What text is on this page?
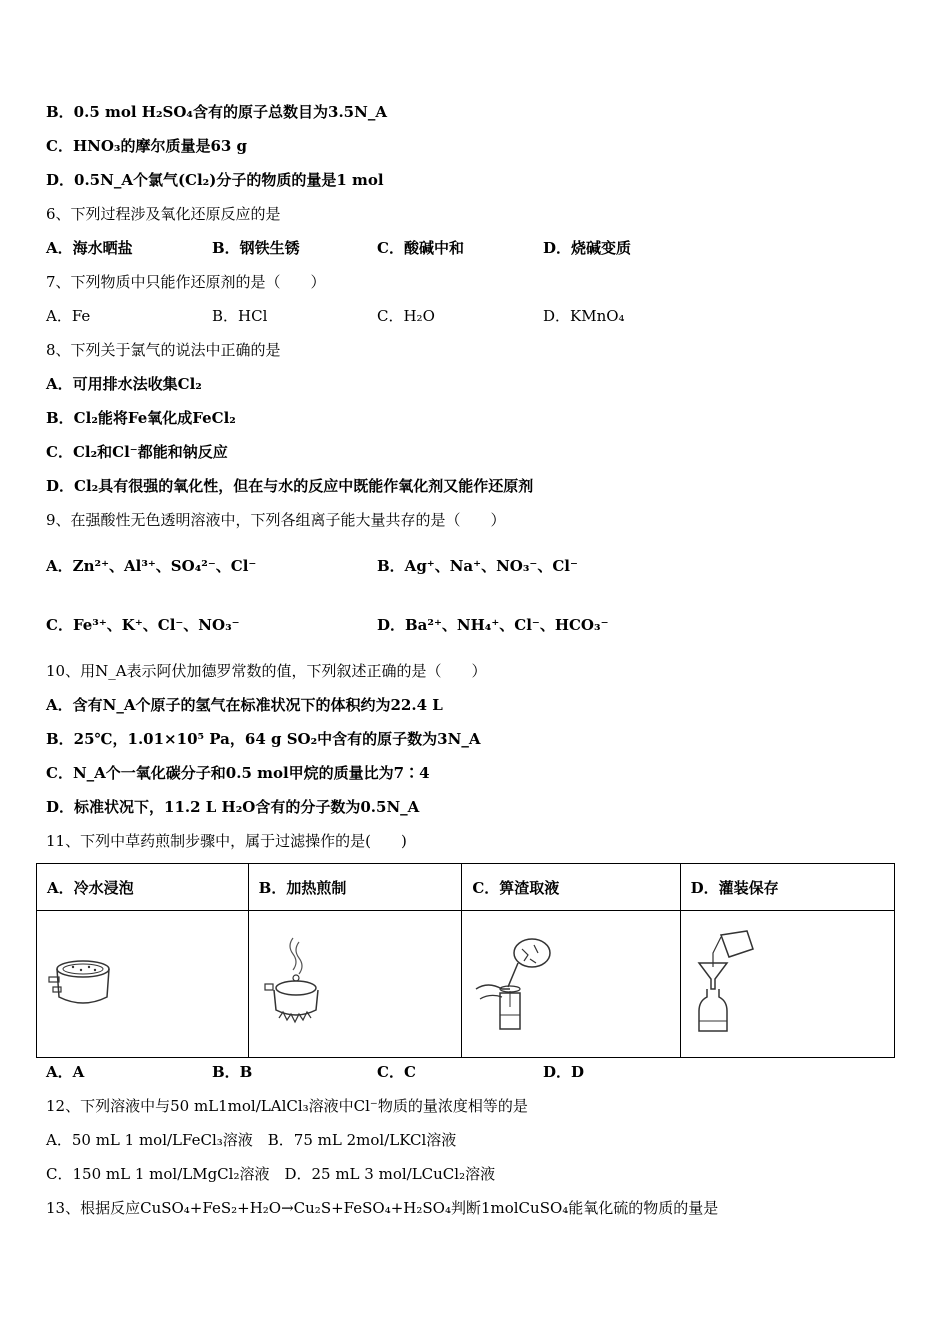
B．0.5 mol H₂SO₄含有的原子总数目为3.5N_A
C．HNO₃的摩尔质量是63 g
D．0.5N_A个氯气(Cl₂)分子的物质的量是1 mol
6、下列过程涉及氧化还原反应的是
A．海水晒盐	B．钢铁生锈	C．酸碱中和	D．烧碱变质
7、下列物质中只能作还原剂的是（　　）
A．Fe	B．HCl	C．H₂O	D．KMnO₄
8、下列关于氯气的说法中正确的是
A．可用排水法收集Cl₂
B．Cl₂能将Fe氧化成FeCl₂
C．Cl₂和Cl⁻都能和钠反应
D．Cl₂具有很强的氧化性，但在与水的反应中既能作氧化剂又能作还原剂
9、在强酸性无色透明溶液中，下列各组离子能大量共存的是（　　）
A．Zn²⁺、Al³⁺、SO₄²⁻、Cl⁻	B．Ag⁺、Na⁺、NO₃⁻、Cl⁻
C．Fe³⁺、K⁺、Cl⁻、NO₃⁻	D．Ba²⁺、NH₄⁺、Cl⁻、HCO₃⁻
10、用N_A表示阿伏加德罗常数的值，下列叙述正确的是（　　）
A．含有N_A个原子的氢气在标准状况下的体积约为22.4 L
B．25℃，1.01×10⁵ Pa，64 g SO₂中含有的原子数为3N_A
C．N_A个一氧化碳分子和0.5 mol甲烷的质量比为7∶4
D．标准状况下，11.2 L H₂O含有的分子数为0.5N_A
11、下列中草药煎制步骤中，属于过滤操作的是(　　)
A．冷水浸泡	B．加热煎制	C．箅渣取液	D．灌装保存

A．A	B．B	C．C	D．D
12、下列溶液中与50 mL1mol/LAlCl₃溶液中Cl⁻物质的量浓度相等的是
A．50 mL 1 mol/LFeCl₃溶液　B．75 mL 2mol/LKCl溶液
C．150 mL 1 mol/LMgCl₂溶液　D．25 mL 3 mol/LCuCl₂溶液
13、根据反应CuSO₄+FeS₂+H₂O→Cu₂S+FeSO₄+H₂SO₄判断1molCuSO₄能氧化硫的物质的量是
